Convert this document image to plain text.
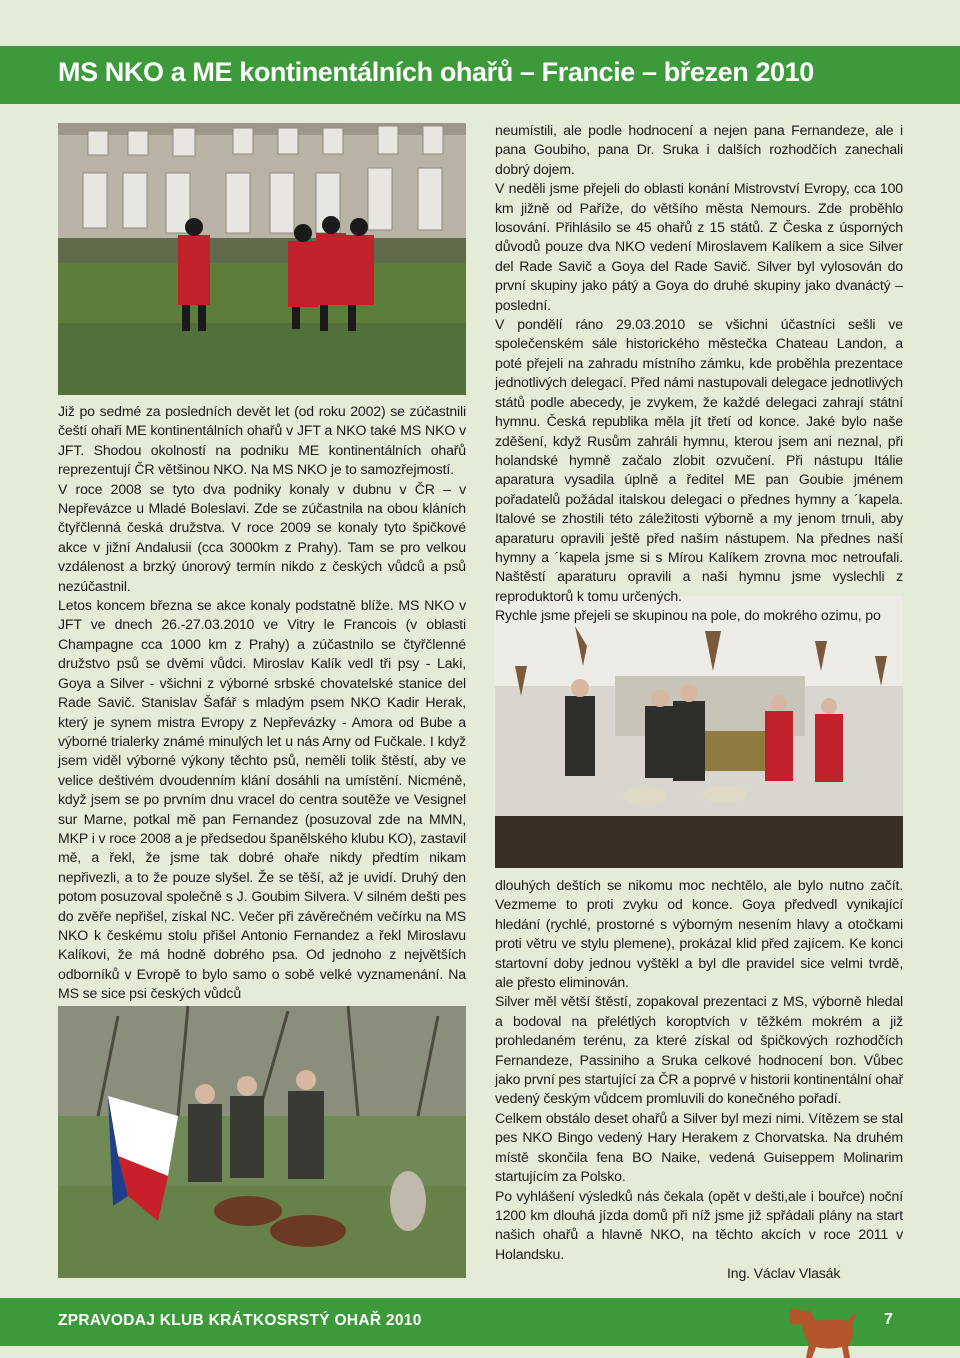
MS NKO a ME kontinentálních ohařů – Francie – březen 2010

Již po sedmé za posledních devět let (od roku 2002) se zúčastnili čeští ohaři ME kontinentálních ohařů v JFT a NKO také MS NKO v JFT. Shodou okolností na podniku ME kontinentálních ohařů reprezentují ČR většinou NKO. Na MS NKO je to samozřejmostí.

V roce 2008 se tyto dva podniky konaly v dubnu v ČR – v Nepřevázce u Mladé Boleslavi. Zde se zúčastnila na obou kláních čtyřčlenná česká družstva. V roce 2009 se konaly tyto špičkové akce v jižní Andalusii (cca 3000km z Prahy). Tam se pro velkou vzdálenost a brzký únorový termín nikdo z českých vůdců a psů nezúčastnil.

Letos koncem března se akce konaly podstatně blíže. MS NKO v JFT ve dnech 26.-27.03.2010 ve Vitry le Francois (v oblasti Champagne cca 1000 km z Prahy) a zúčastnilo se čtyřčlenné družstvo psů se dvěmi vůdci. Miroslav Kalík vedl tři psy - Laki, Goya a Silver - všichni z výborné srbské chovatelské stanice del Rade Savič. Stanislav Šafář s mladým psem NKO Kadir Herak, který je synem mistra Evropy z Nepřevázky - Amora od Bube a výborné trialerky známé minulých let u nás Arny od Fučkale. I když jsem viděl výborné výkony těchto psů, neměli tolik štěstí, aby ve velice deštivém dvoudenním klání dosáhli na umístění. Nicméně, když jsem se po prvním dnu vracel do centra soutěže ve Vesignel sur Marne, potkal mě pan Fernandez (posuzoval zde na MMN, MKP i v roce 2008 a je předsedou španělského klubu KO), zastavil mě, a řekl, že jsme tak dobré ohaře nikdy předtím nikam nepřivezli, a to že pouze slyšel. Že se těší, až je uvidí. Druhý den potom posuzoval společně s J. Goubim Silvera. V silném dešti pes do zvěře nepřišel, získal NC. Večer při závěrečném večírku na MS NKO k českému stolu přišel Antonio Fernandez a řekl Miroslavu Kalíkovi, že má hodně dobrého psa. Od jednoho z největších odborníků v Evropě to bylo samo o sobě velké vyznamenání. Na MS se sice psi českých vůdců

neumístili, ale podle hodnocení a nejen pana Fernandeze, ale i pana Goubiho, pana Dr. Sruka i dalších rozhodčích zanechali dobrý dojem.

V neděli jsme přejeli do oblasti konání Mistrovství Evropy, cca 100 km jižně od Paříže, do většího města Nemours. Zde proběhlo losování. Přihlásilo se 45 ohařů z 15 států. Z Česka z úsporných důvodů pouze dva NKO vedení Miroslavem Kalíkem a sice Silver del Rade Savič a Goya del Rade Savič. Silver byl vylosován do první skupiny jako pátý a Goya do druhé skupiny jako dvanáctý – poslední.

V pondělí ráno 29.03.2010 se všichni účastníci sešli ve společenském sále historického městečka Chateau Landon, a poté přejeli na zahradu místního zámku, kde proběhla prezentace jednotlivých delegací. Před námi nastupovali delegace jednotlivých států podle abecedy, je zvykem, že každé delegaci zahrají státní hymnu. Česká republika měla jít třetí od konce. Jaké bylo naše zděšení, když Rusům zahráli hymnu, kterou jsem ani neznal, při holandské hymně začalo zlobit ozvučení. Při nástupu Itálie aparatura vysadila úplně a ředitel ME pan Goubie jménem pořadatelů požádal italskou delegaci o přednes hymny a ´kapela. Italové se zhostili této záležitosti výborně a my jenom trnuli, aby aparaturu opravili ještě před naším nástupem. Na přednes naší hymny a ´kapela jsme si s Mírou Kalíkem zrovna moc netroufali. Naštěstí aparaturu opravili a naši hymnu jsme vyslechli z reproduktorů k tomu určených.

Rychle jsme přejeli se skupinou na pole, do mokrého ozimu, po

dlouhých deštích se nikomu moc nechtělo, ale bylo nutno začít. Vezmeme to proti zvyku od konce. Goya předvedl vynikající hledání (rychlé, prostorné s výborným nesením hlavy a otočkami proti větru ve stylu plemene), prokázal klid před zajícem. Ke konci startovní doby jednou vyštěkl a byl dle pravidel sice velmi tvrdě, ale přesto eliminován.

Silver měl větší štěstí, zopakoval prezentaci z MS, výborně hledal a bodoval na přelétlých koroptvích v těžkém mokrém a již prohledaném terénu, za které získal od špičkových rozhodčích Fernandeze, Passiniho a Sruka celkové hodnocení bon. Vůbec jako první pes startující za ČR a poprvé v historii kontinentální ohař vedený českým vůdcem promluvili do konečného pořadí.

Celkem obstálo deset ohařů a Silver byl mezi nimi. Vítězem se stal pes NKO Bingo vedený Hary Herakem z Chorvatska. Na druhém místě skončila fena BO Naike, vedená Guiseppem Molinarim startujícím za Polsko.

Po vyhlášení výsledků nás čekala (opět v dešti,ale i bouřce) noční 1200 km dlouhá jízda domů při níž jsme již spřádali plány na start našich ohařů a hlavně NKO, na těchto akcích v roce 2011 v Holandsku.

Ing. Václav Vlasák

ZPRAVODAJ KLUB KRÁTKOSRSTÝ OHAŘ 2010	7
